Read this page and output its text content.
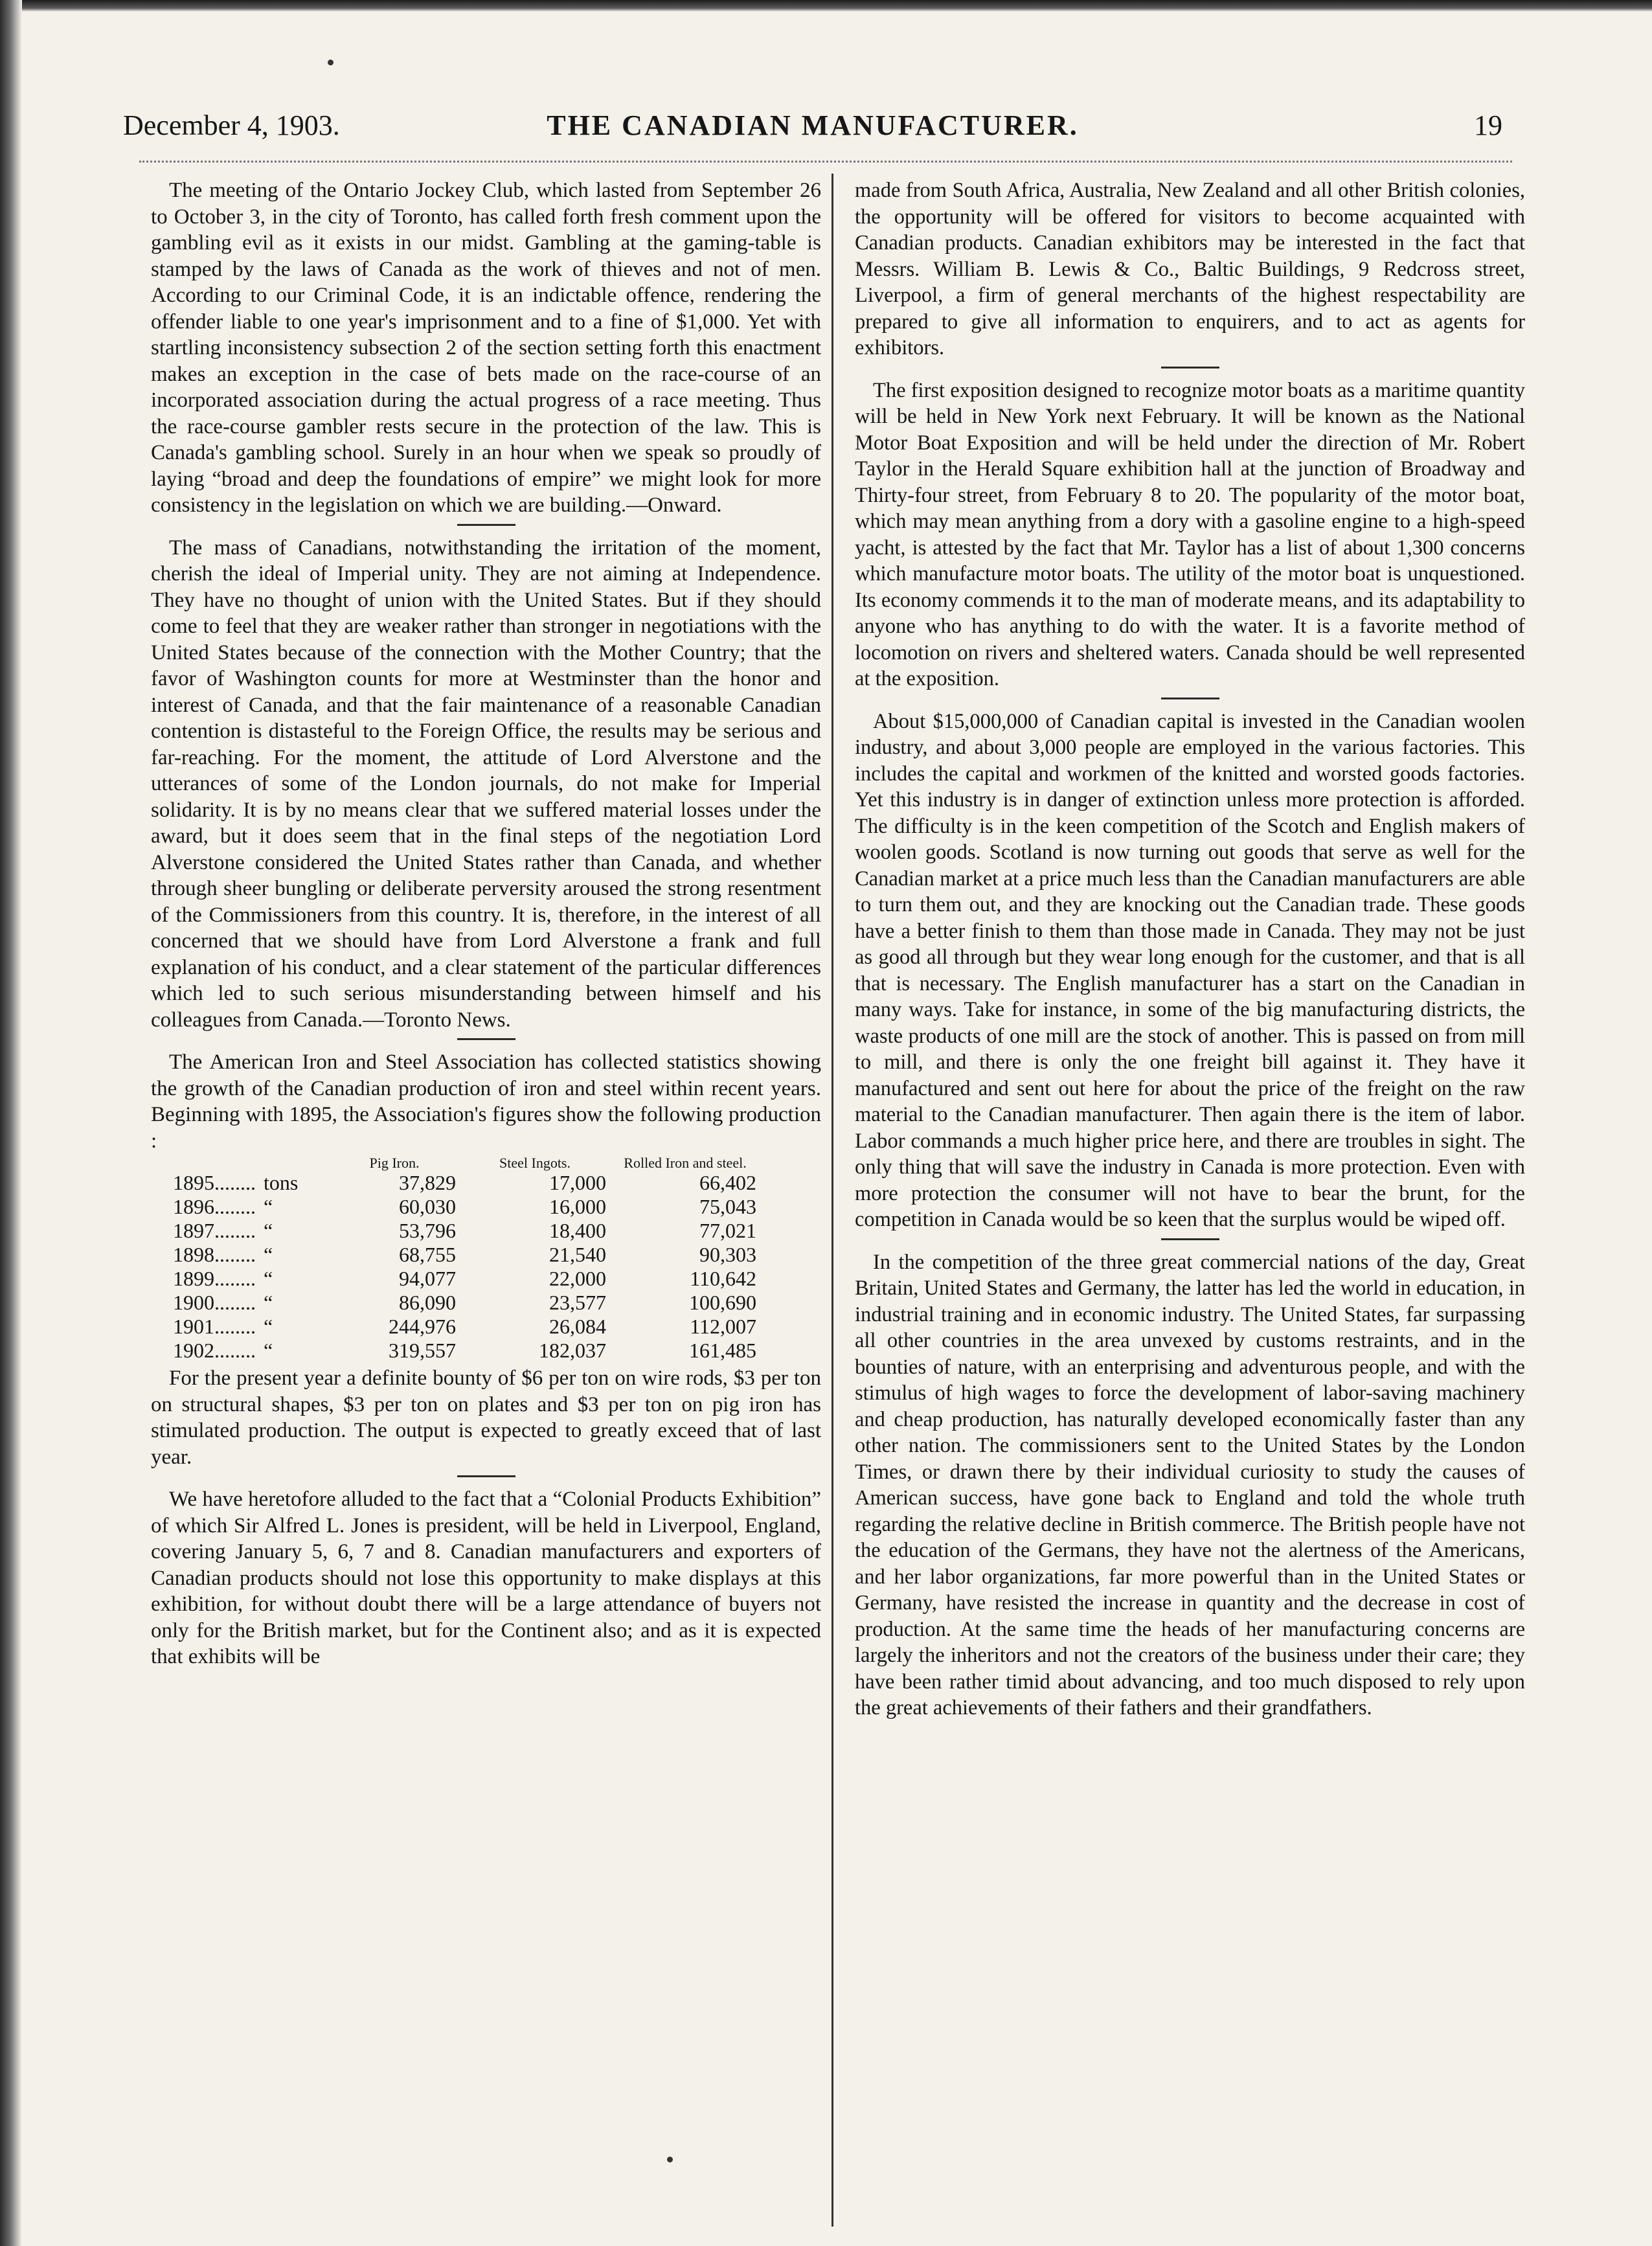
December 4, 1903.	THE CANADIAN MANUFACTURER.	19

The meeting of the Ontario Jockey Club, which lasted from September 26 to October 3, in the city of Toronto, has called forth fresh comment upon the gambling evil as it exists in our midst. Gambling at the gaming-table is stamped by the laws of Canada as the work of thieves and not of men. According to our Criminal Code, it is an indictable offence, rendering the offender liable to one year's imprisonment and to a fine of $1,000. Yet with startling inconsistency subsection 2 of the section setting forth this enactment makes an exception in the case of bets made on the race-course of an incorporated association during the actual progress of a race meeting. Thus the race-course gambler rests secure in the protection of the law. This is Canada's gambling school. Surely in an hour when we speak so proudly of laying “broad and deep the foundations of empire” we might look for more consistency in the legislation on which we are building.—Onward.

The mass of Canadians, notwithstanding the irritation of the moment, cherish the ideal of Imperial unity. They are not aiming at Independence. They have no thought of union with the United States. But if they should come to feel that they are weaker rather than stronger in negotiations with the United States because of the connection with the Mother Country; that the favor of Washington counts for more at Westminster than the honor and interest of Canada, and that the fair maintenance of a reasonable Canadian contention is distasteful to the Foreign Office, the results may be serious and far-reaching. For the moment, the attitude of Lord Alverstone and the utterances of some of the London journals, do not make for Imperial solidarity. It is by no means clear that we suffered material losses under the award, but it does seem that in the final steps of the negotiation Lord Alverstone considered the United States rather than Canada, and whether through sheer bungling or deliberate perversity aroused the strong resentment of the Commissioners from this country. It is, therefore, in the interest of all concerned that we should have from Lord Alverstone a frank and full explanation of his conduct, and a clear statement of the particular differences which led to such serious misunderstanding between himself and his colleagues from Canada.—Toronto News.

The American Iron and Steel Association has collected statistics showing the growth of the Canadian production of iron and steel within recent years. Beginning with 1895, the Association's figures show the following production :

		Pig Iron.	Steel Ingots.	Rolled Iron and steel.
1895........	tons	37,829	17,000	66,402
1896........	“	60,030	16,000	75,043
1897........	“	53,796	18,400	77,021
1898........	“	68,755	21,540	90,303
1899........	“	94,077	22,000	110,642
1900........	“	86,090	23,577	100,690
1901........	“	244,976	26,084	112,007
1902........	“	319,557	182,037	161,485

For the present year a definite bounty of $6 per ton on wire rods, $3 per ton on structural shapes, $3 per ton on plates and $3 per ton on pig iron has stimulated production. The output is expected to greatly exceed that of last year.

We have heretofore alluded to the fact that a “Colonial Products Exhibition” of which Sir Alfred L. Jones is president, will be held in Liverpool, England, covering January 5, 6, 7 and 8. Canadian manufacturers and exporters of Canadian products should not lose this opportunity to make displays at this exhibition, for without doubt there will be a large attendance of buyers not only for the British market, but for the Continent also; and as it is expected that exhibits will be

made from South Africa, Australia, New Zealand and all other British colonies, the opportunity will be offered for visitors to become acquainted with Canadian products. Canadian exhibitors may be interested in the fact that Messrs. William B. Lewis & Co., Baltic Buildings, 9 Redcross street, Liverpool, a firm of general merchants of the highest respectability are prepared to give all information to enquirers, and to act as agents for exhibitors.

The first exposition designed to recognize motor boats as a maritime quantity will be held in New York next February. It will be known as the National Motor Boat Exposition and will be held under the direction of Mr. Robert Taylor in the Herald Square exhibition hall at the junction of Broadway and Thirty-four street, from February 8 to 20. The popularity of the motor boat, which may mean anything from a dory with a gasoline engine to a high-speed yacht, is attested by the fact that Mr. Taylor has a list of about 1,300 concerns which manufacture motor boats. The utility of the motor boat is unquestioned. Its economy commends it to the man of moderate means, and its adaptability to anyone who has anything to do with the water. It is a favorite method of locomotion on rivers and sheltered waters. Canada should be well represented at the exposition.

About $15,000,000 of Canadian capital is invested in the Canadian woolen industry, and about 3,000 people are employed in the various factories. This includes the capital and workmen of the knitted and worsted goods factories. Yet this industry is in danger of extinction unless more protection is afforded. The difficulty is in the keen competition of the Scotch and English makers of woolen goods. Scotland is now turning out goods that serve as well for the Canadian market at a price much less than the Canadian manufacturers are able to turn them out, and they are knocking out the Canadian trade. These goods have a better finish to them than those made in Canada. They may not be just as good all through but they wear long enough for the customer, and that is all that is necessary. The English manufacturer has a start on the Canadian in many ways. Take for instance, in some of the big manufacturing districts, the waste products of one mill are the stock of another. This is passed on from mill to mill, and there is only the one freight bill against it. They have it manufactured and sent out here for about the price of the freight on the raw material to the Canadian manufacturer. Then again there is the item of labor. Labor commands a much higher price here, and there are troubles in sight. The only thing that will save the industry in Canada is more protection. Even with more protection the consumer will not have to bear the brunt, for the competition in Canada would be so keen that the surplus would be wiped off.

In the competition of the three great commercial nations of the day, Great Britain, United States and Germany, the latter has led the world in education, in industrial training and in economic industry. The United States, far surpassing all other countries in the area unvexed by customs restraints, and in the bounties of nature, with an enterprising and adventurous people, and with the stimulus of high wages to force the development of labor-saving machinery and cheap production, has naturally developed economically faster than any other nation. The commissioners sent to the United States by the London Times, or drawn there by their individual curiosity to study the causes of American success, have gone back to England and told the whole truth regarding the relative decline in British commerce. The British people have not the education of the Germans, they have not the alertness of the Americans, and her labor organizations, far more powerful than in the United States or Germany, have resisted the increase in quantity and the decrease in cost of production. At the same time the heads of her manufacturing concerns are largely the inheritors and not the creators of the business under their care; they have been rather timid about advancing, and too much disposed to rely upon the great achievements of their fathers and their grandfathers.
